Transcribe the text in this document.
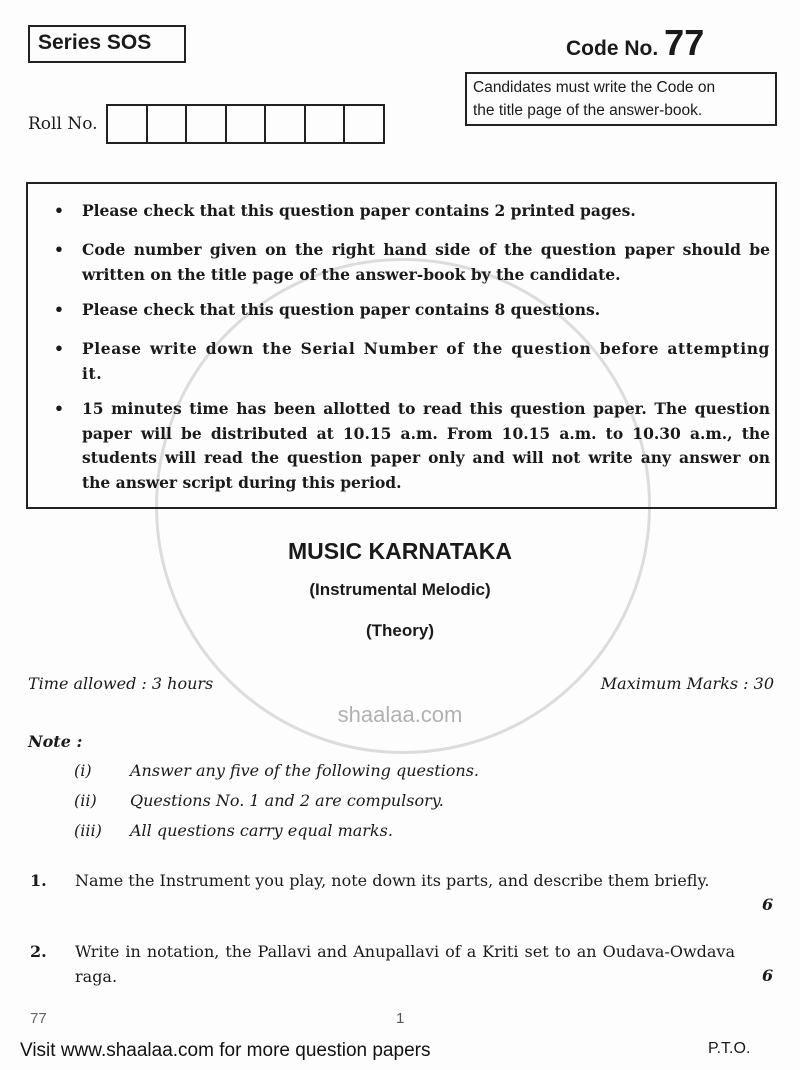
shaalaa.com
Series SOS	Code No. 77
Candidates must write the Code on
the title page of the answer-book.
Roll No.
• Please check that this question paper contains 2 printed pages.
• Code number given on the right hand side of the question paper should be written on the title page of the answer-book by the candidate.
• Please check that this question paper contains 8 questions.
• Please write down the Serial Number of the question before attempting it.
• 15 minutes time has been allotted to read this question paper. The question paper will be distributed at 10.15 a.m. From 10.15 a.m. to 10.30 a.m., the students will read the question paper only and will not write any answer on the answer script during this period.
MUSIC KARNATAKA
(Instrumental Melodic)
(Theory)
Time allowed : 3 hours	Maximum Marks : 30
Note :
(i) Answer any five of the following questions.
(ii) Questions No. 1 and 2 are compulsory.
(iii) All questions carry equal marks.
1. Name the Instrument you play, note down its parts, and describe them briefly.
6
2. Write in notation, the Pallavi and Anupallavi of a Kriti set to an Oudava-Owdava raga.	6
77	1
Visit www.shaalaa.com for more question papers	P.T.O.
